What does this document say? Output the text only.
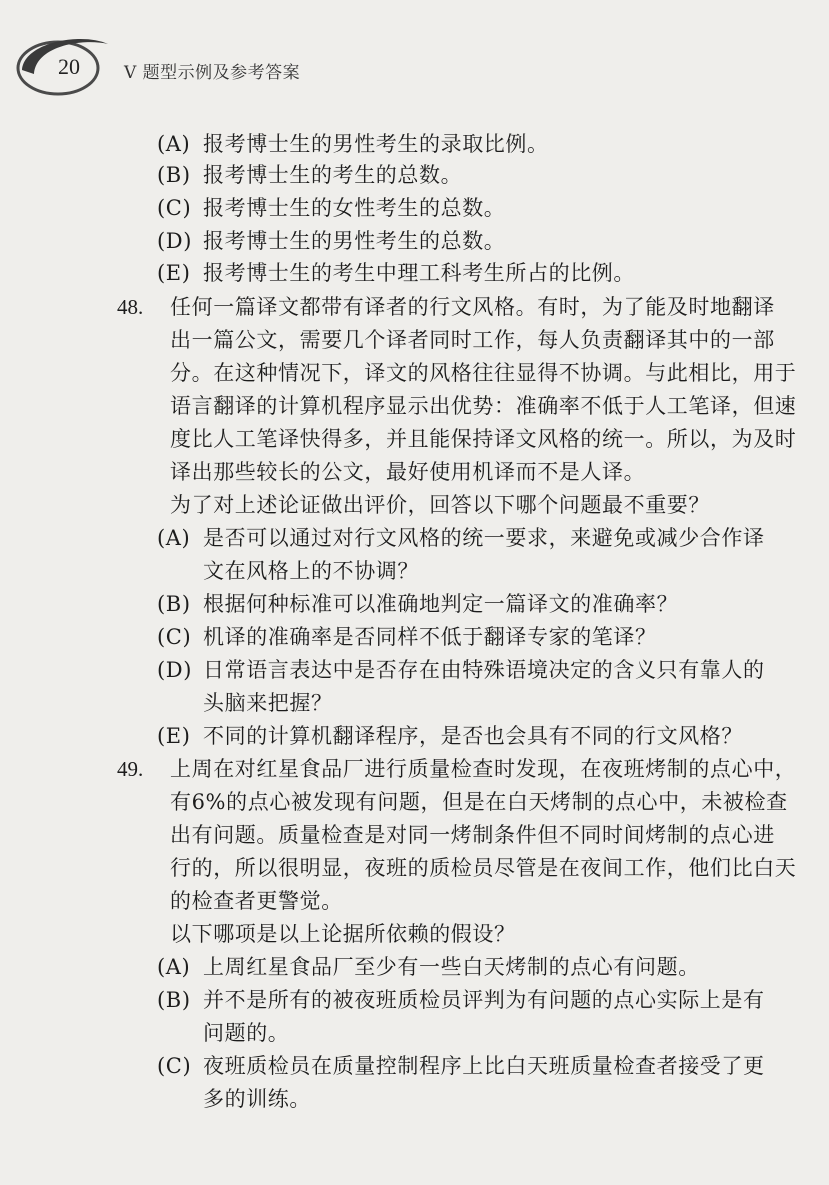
20	V 题型示例及参考答案
(A) 报考博士生的男性考生的录取比例。
(B) 报考博士生的考生的总数。
(C) 报考博士生的女性考生的总数。
(D) 报考博士生的男性考生的总数。
(E) 报考博士生的考生中理工科考生所占的比例。
48. 任何一篇译文都带有译者的行文风格。有时，为了能及时地翻译
出一篇公文，需要几个译者同时工作，每人负责翻译其中的一部
分。在这种情况下，译文的风格往往显得不协调。与此相比，用于
语言翻译的计算机程序显示出优势：准确率不低于人工笔译，但速
度比人工笔译快得多，并且能保持译文风格的统一。所以，为及时
译出那些较长的公文，最好使用机译而不是人译。
为了对上述论证做出评价，回答以下哪个问题最不重要？
(A) 是否可以通过对行文风格的统一要求，来避免或减少合作译
文在风格上的不协调？
(B) 根据何种标准可以准确地判定一篇译文的准确率？
(C) 机译的准确率是否同样不低于翻译专家的笔译？
(D) 日常语言表达中是否存在由特殊语境决定的含义只有靠人的
头脑来把握？
(E) 不同的计算机翻译程序，是否也会具有不同的行文风格？
49. 上周在对红星食品厂进行质量检查时发现，在夜班烤制的点心中，
有6%的点心被发现有问题，但是在白天烤制的点心中，未被检查
出有问题。质量检查是对同一烤制条件但不同时间烤制的点心进
行的，所以很明显，夜班的质检员尽管是在夜间工作，他们比白天
的检查者更警觉。
以下哪项是以上论据所依赖的假设？
(A) 上周红星食品厂至少有一些白天烤制的点心有问题。
(B) 并不是所有的被夜班质检员评判为有问题的点心实际上是有
问题的。
(C) 夜班质检员在质量控制程序上比白天班质量检查者接受了更
多的训练。
